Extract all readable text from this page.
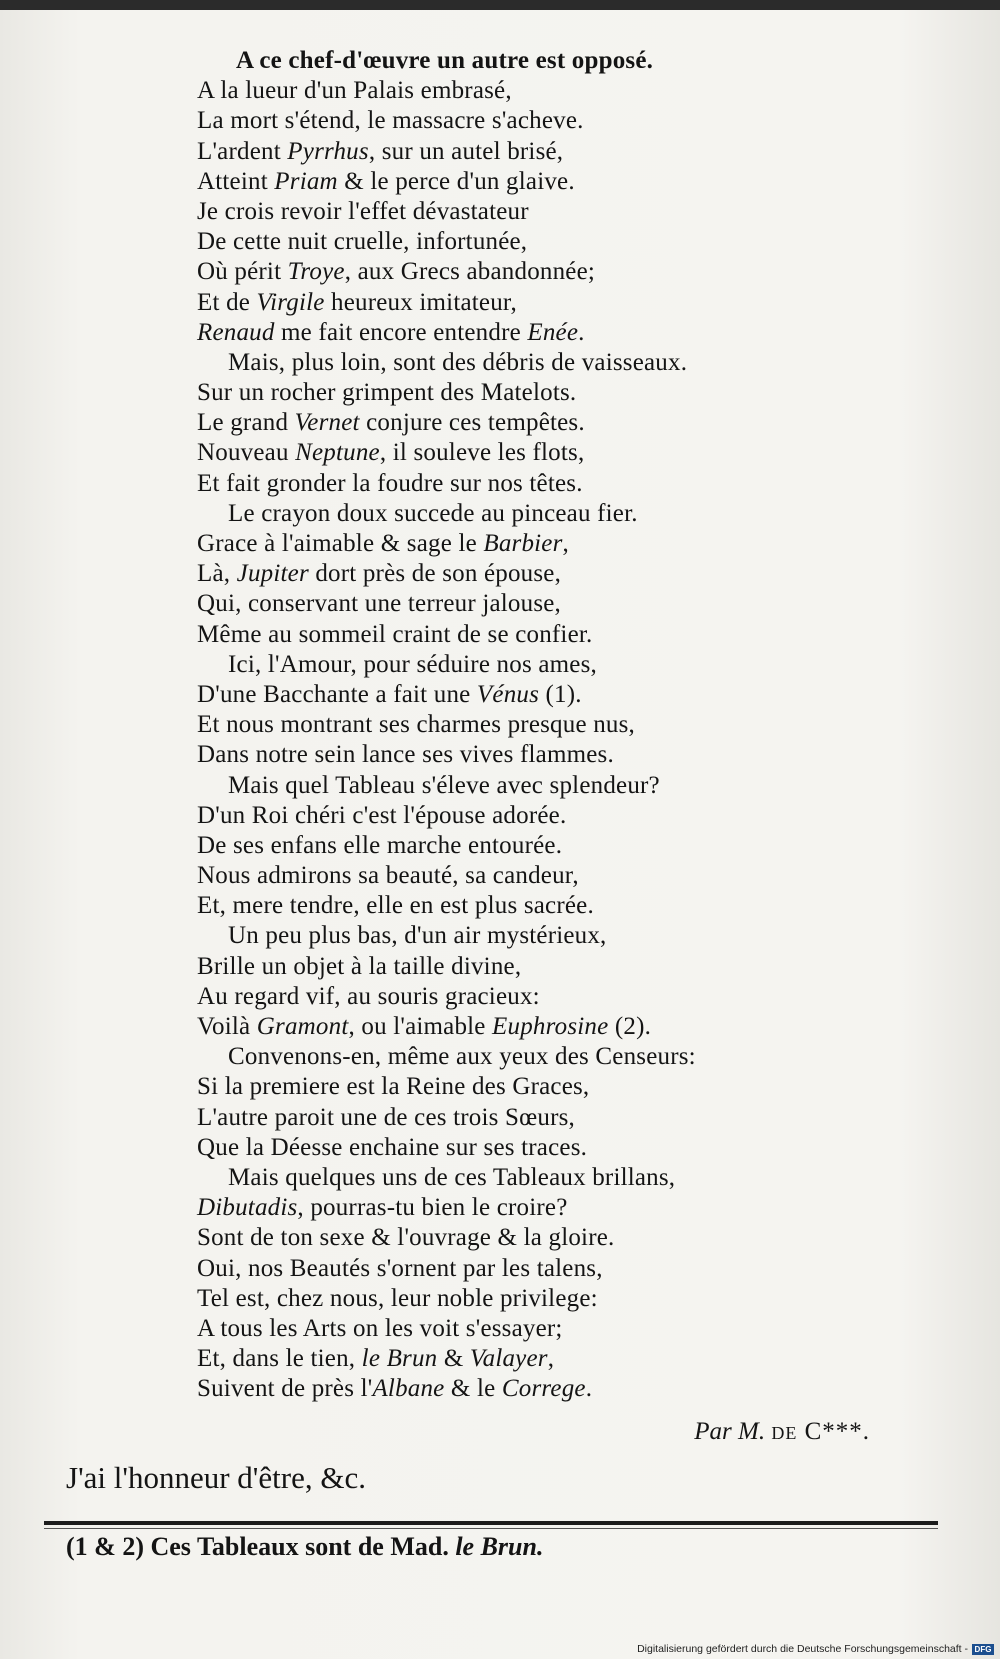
A ce chef-d'œuvre un autre est opposé.
A la lueur d'un Palais embrasé,
La mort s'étend, le massacre s'acheve.
L'ardent Pyrrhus, sur un autel brisé,
Atteint Priam & le perce d'un glaive.
Je crois revoir l'effet dévastateur
De cette nuit cruelle, infortunée,
Où périt Troye, aux Grecs abandonnée;
Et de Virgile heureux imitateur,
Renaud me fait encore entendre Enée.
Mais, plus loin, sont des débris de vaisseaux.
Sur un rocher grimpent des Matelots.
Le grand Vernet conjure ces tempêtes.
Nouveau Neptune, il souleve les flots,
Et fait gronder la foudre sur nos têtes.
Le crayon doux succede au pinceau fier.
Grace à l'aimable & sage le Barbier,
Là, Jupiter dort près de son épouse,
Qui, conservant une terreur jalouse,
Même au sommeil craint de se confier.
Ici, l'Amour, pour séduire nos ames,
D'une Bacchante a fait une Vénus (1).
Et nous montrant ses charmes presque nus,
Dans notre sein lance ses vives flammes.
Mais quel Tableau s'éleve avec splendeur?
D'un Roi chéri c'est l'épouse adorée.
De ses enfans elle marche entourée.
Nous admirons sa beauté, sa candeur,
Et, mere tendre, elle en est plus sacrée.
Un peu plus bas, d'un air mystérieux,
Brille un objet à la taille divine,
Au regard vif, au souris gracieux:
Voilà Gramont, ou l'aimable Euphrosine (2).
Convenons-en, même aux yeux des Censeurs:
Si la premiere est la Reine des Graces,
L'autre paroit une de ces trois Sœurs,
Que la Déesse enchaine sur ses traces.
Mais quelques uns de ces Tableaux brillans,
Dibutadis, pourras-tu bien le croire?
Sont de ton sexe & l'ouvrage & la gloire.
Oui, nos Beautés s'ornent par les talens,
Tel est, chez nous, leur noble privilege:
A tous les Arts on les voit s'essayer;
Et, dans le tien, le Brun & Valayer,
Suivent de près l'Albane & le Correge.
Par M. de C***.
J'ai l'honneur d'être, &c.
(1 & 2) Ces Tableaux sont de Mad. le Brun.
Digitalisierung gefördert durch die Deutsche Forschungsgemeinschaft - DFG
